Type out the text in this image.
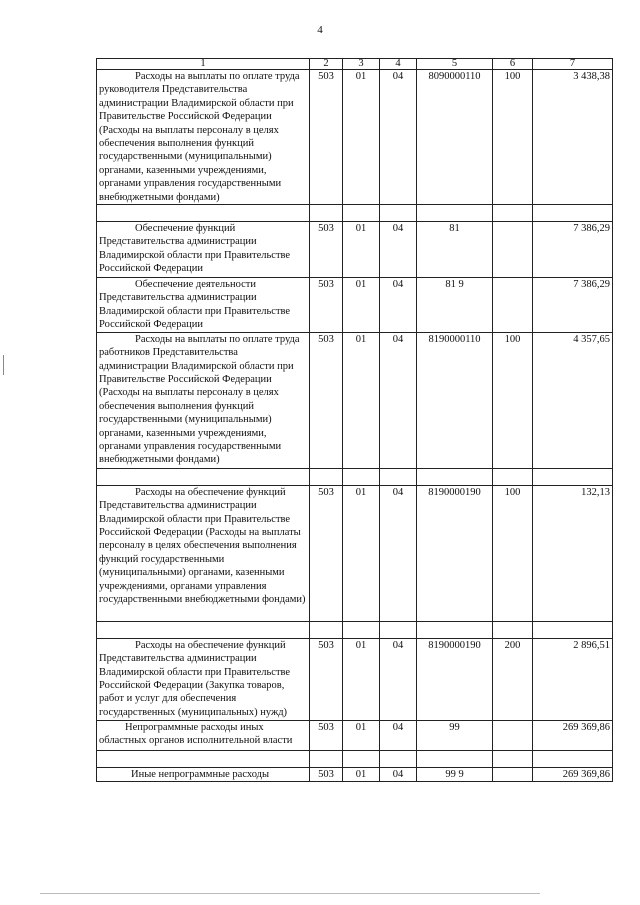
4
1	2	3	4	5	6	7
Расходы на выплаты по оплате труда руководителя Представительства администрации Владимирской области при Правительстве Российской Федерации (Расходы на выплаты персоналу в целях обеспечения выполнения функций государственными (муниципальными) органами, казенными учреждениями, органами управления государственными внебюджетными фондами)	503	01	04	8090000110	100	3 438,38

Обеспечение функций Представительства администрации Владимирской области при Правительстве Российской Федерации	503	01	04	81		7 386,29
Обеспечение деятельности Представительства администрации Владимирской области при Правительстве Российской Федерации	503	01	04	81 9		7 386,29
Расходы на выплаты по оплате труда работников Представительства администрации Владимирской области при Правительстве Российской Федерации (Расходы на выплаты персоналу в целях обеспечения выполнения функций государственными (муниципальными) органами, казенными учреждениями, органами управления государственными внебюджетными фондами)	503	01	04	8190000110	100	4 357,65

Расходы на обеспечение функций Представительства администрации Владимирской области при Правительстве Российской Федерации (Расходы на выплаты персоналу в целях обеспечения выполнения функций государственными (муниципальными) органами, казенными учреждениями, органами управления государственными внебюджетными фондами)	503	01	04	8190000190	100	132,13

Расходы на обеспечение функций Представительства администрации Владимирской области при Правительстве Российской Федерации (Закупка товаров, работ и услуг для обеспечения государственных (муниципальных) нужд)	503	01	04	8190000190	200	2 896,51
Непрограммные расходы иных областных органов исполнительной власти	503	01	04	99		269 369,86

Иные непрограммные расходы	503	01	04	99 9		269 369,86
